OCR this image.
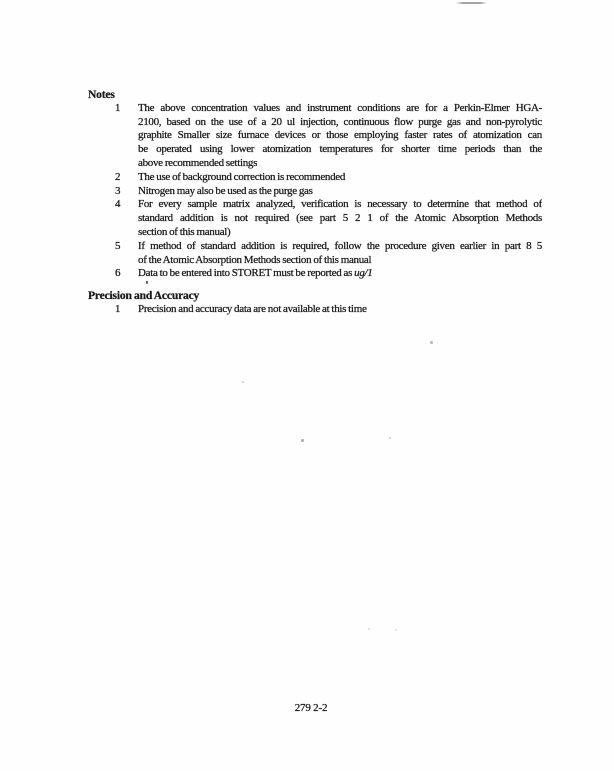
Notes
1 The above concentration values and instrument conditions are for a Perkin-Elmer HGA-
2100, based on the use of a 20 ul injection, continuous flow purge gas and non-pyrolytic
graphite Smaller size furnace devices or those employing faster rates of atomization can
be operated using lower atomization temperatures for shorter time periods than the
above recommended settings
2 The use of background correction is recommended
3 Nitrogen may also be used as the purge gas
4 For every sample matrix analyzed, verification is necessary to determine that method of
standard addition is not required (see part 5 2 1 of the Atomic Absorption Methods
section of this manual)
5 If method of standard addition is required, follow the procedure given earlier in part 8 5
of the Atomic Absorption Methods section of this manual
6 Data to be entered into STORET must be reported as ug/1
Precision and Accuracy
1 Precision and accuracy data are not available at this time
279 2-2
